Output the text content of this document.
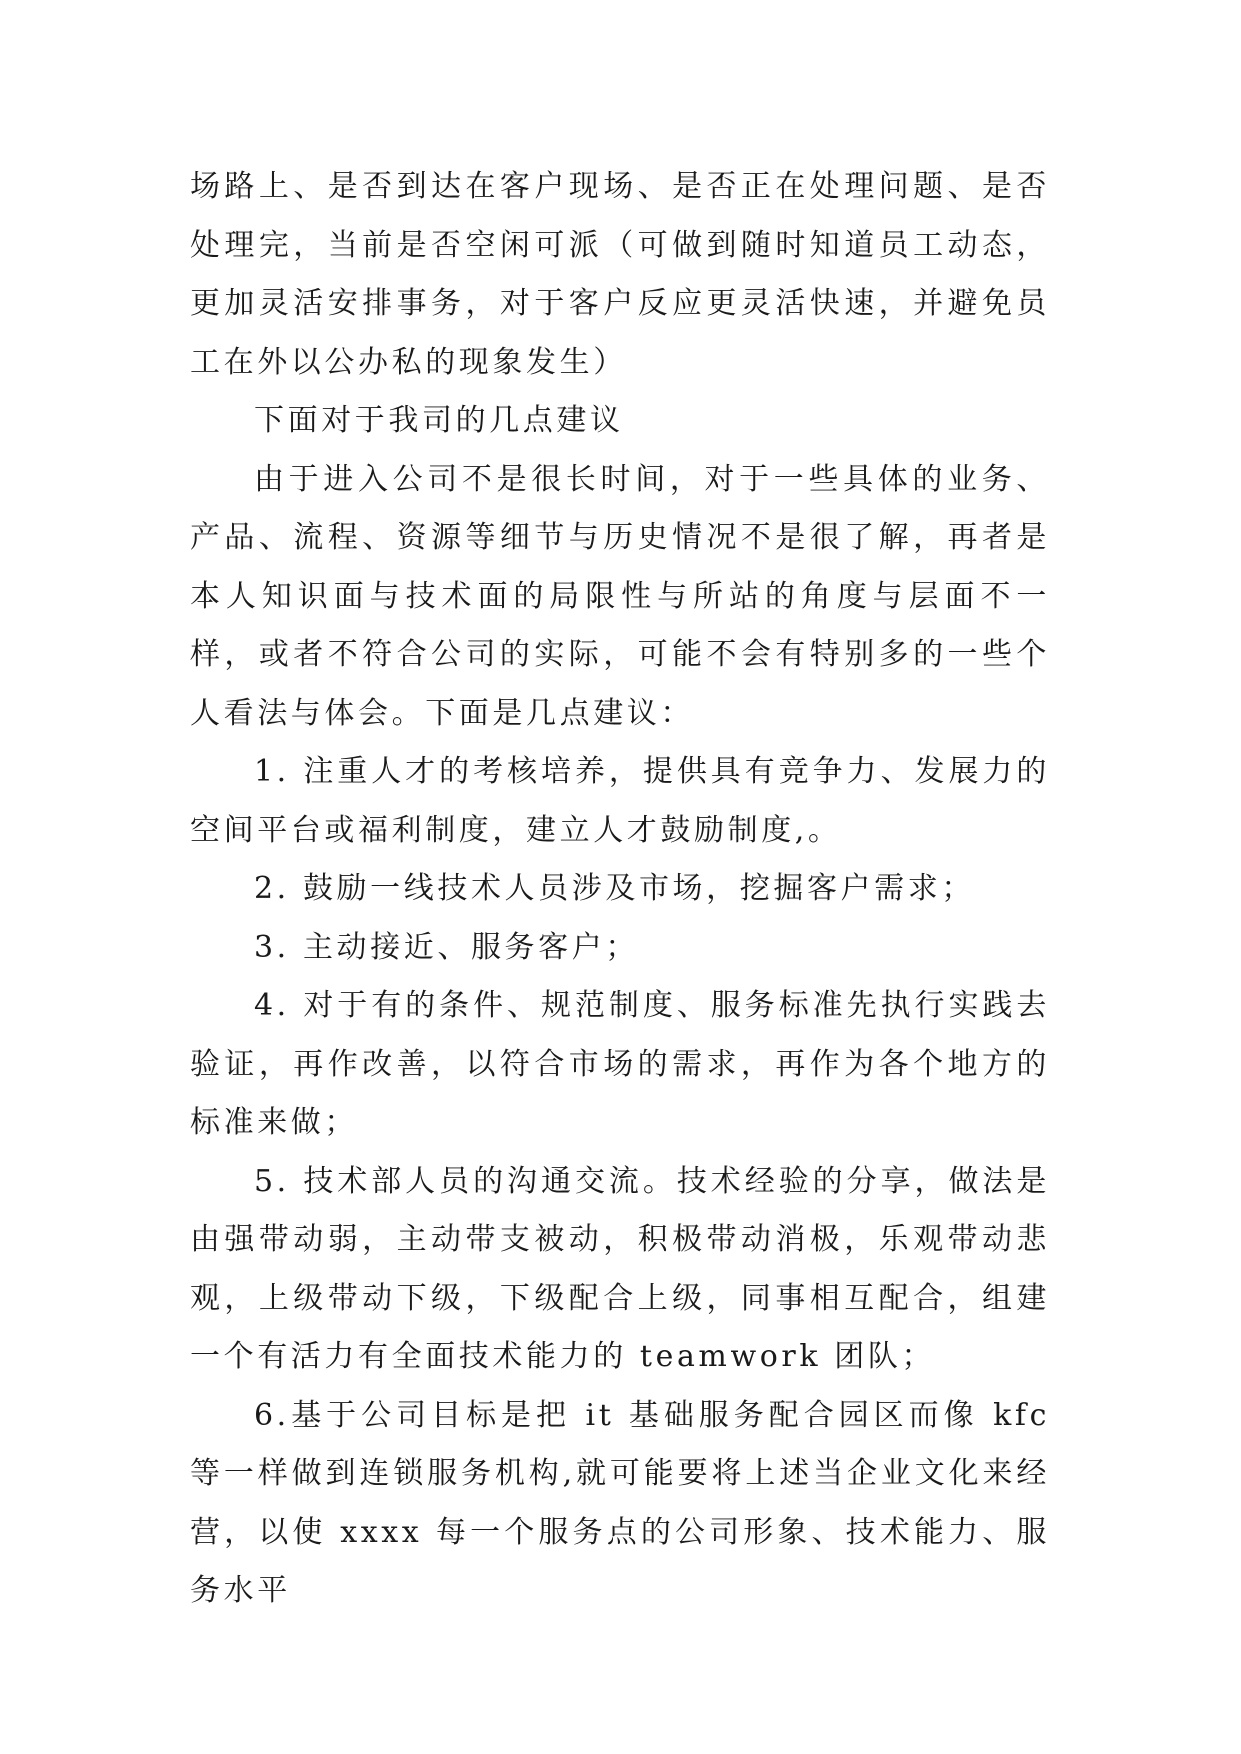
场路上、是否到达在客户现场、是否正在处理问题、是否处理完，当前是否空闲可派（可做到随时知道员工动态，更加灵活安排事务，对于客户反应更灵活快速，并避免员工在外以公办私的现象发生）

下面对于我司的几点建议

由于进入公司不是很长时间，对于一些具体的业务、产品、流程、资源等细节与历史情况不是很了解，再者是本人知识面与技术面的局限性与所站的角度与层面不一样，或者不符合公司的实际，可能不会有特别多的一些个人看法与体会。下面是几点建议：

1. 注重人才的考核培养，提供具有竞争力、发展力的空间平台或福利制度，建立人才鼓励制度,。

2. 鼓励一线技术人员涉及市场，挖掘客户需求；

3. 主动接近、服务客户；

4. 对于有的条件、规范制度、服务标准先执行实践去验证，再作改善，以符合市场的需求，再作为各个地方的标准来做；

5. 技术部人员的沟通交流。技术经验的分享，做法是由强带动弱，主动带支被动，积极带动消极，乐观带动悲观，上级带动下级，下级配合上级，同事相互配合，组建一个有活力有全面技术能力的 teamwork 团队；

6.基于公司目标是把 it 基础服务配合园区而像 kfc 等一样做到连锁服务机构,就可能要将上述当企业文化来经营，以使 xxxx 每一个服务点的公司形象、技术能力、服务水平
